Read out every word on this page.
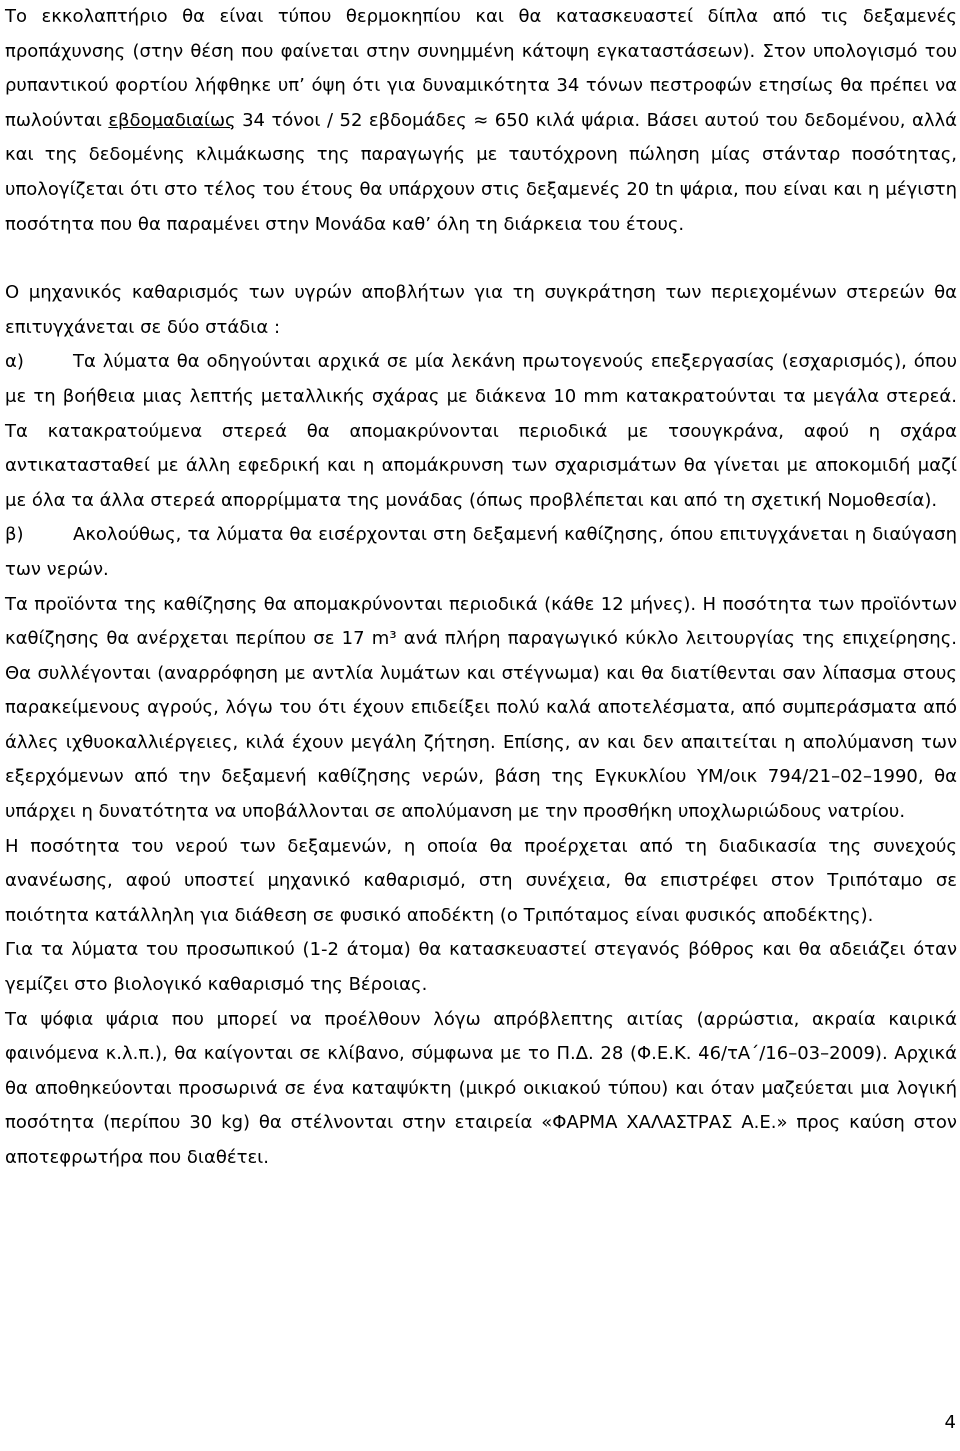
Το εκκολαπτήριο θα είναι τύπου θερμοκηπίου και θα κατασκευαστεί δίπλα από τις δεξαμενές προπάχυνσης (στην θέση που φαίνεται στην συνημμένη κάτοψη εγκαταστάσεων). Στον υπολογισμό του ρυπαντικού φορτίου λήφθηκε υπ’ όψη ότι για δυναμικότητα 34 τόνων πεστροφών ετησίως θα πρέπει να πωλούνται εβδομαδιαίως 34 τόνοι / 52 εβδομάδες ≈ 650 κιλά ψάρια. Βάσει αυτού του δεδομένου, αλλά και της δεδομένης κλιμάκωσης της παραγωγής με ταυτόχρονη πώληση μίας στάνταρ ποσότητας, υπολογίζεται ότι στο τέλος του έτους θα υπάρχουν στις δεξαμενές 20 tn ψάρια, που είναι και η μέγιστη ποσότητα που θα παραμένει στην Μονάδα καθ’ όλη τη διάρκεια του έτους.

Ο μηχανικός καθαρισμός των υγρών αποβλήτων για τη συγκράτηση των περιεχομένων στερεών θα επιτυγχάνεται σε δύο στάδια :

α)	Τα λύματα θα οδηγούνται αρχικά σε μία λεκάνη πρωτογενούς επεξεργασίας (εσχαρισμός), όπου με τη βοήθεια μιας λεπτής μεταλλικής σχάρας με διάκενα 10 mm κατακρατούνται τα μεγάλα στερεά. Τα κατακρατούμενα στερεά θα απομακρύνονται περιοδικά με τσουγκράνα, αφού η σχάρα αντικατασταθεί με άλλη εφεδρική και η απομάκρυνση των σχαρισμάτων θα γίνεται με αποκομιδή μαζί με όλα τα άλλα στερεά απορρίμματα της μονάδας (όπως προβλέπεται και από τη σχετική Νομοθεσία).

β)	Ακολούθως, τα λύματα θα εισέρχονται στη δεξαμενή καθίζησης, όπου επιτυγχάνεται η διαύγαση των νερών.

Τα προϊόντα της καθίζησης θα απομακρύνονται περιοδικά (κάθε 12 μήνες). Η ποσότητα των προϊόντων καθίζησης θα ανέρχεται περίπου σε 17 m³ ανά πλήρη παραγωγικό κύκλο λειτουργίας της επιχείρησης. Θα συλλέγονται (αναρρόφηση με αντλία λυμάτων και στέγνωμα) και θα διατίθενται σαν λίπασμα στους παρακείμενους αγρούς, λόγω του ότι έχουν επιδείξει πολύ καλά αποτελέσματα, από συμπεράσματα από άλλες ιχθυοκαλλιέργειες, κιλά έχουν μεγάλη ζήτηση. Επίσης, αν και δεν απαιτείται η απολύμανση των εξερχόμενων από την δεξαμενή καθίζησης νερών, βάση της Εγκυκλίου ΥΜ/οικ 794/21–02–1990, θα υπάρχει η δυνατότητα να υποβάλλονται σε απολύμανση με την προσθήκη υποχλωριώδους νατρίου.

Η ποσότητα του νερού των δεξαμενών, η οποία θα προέρχεται από τη διαδικασία της συνεχούς ανανέωσης, αφού υποστεί μηχανικό καθαρισμό, στη συνέχεια, θα επιστρέφει στον Τριπόταμο σε ποιότητα κατάλληλη για διάθεση σε φυσικό αποδέκτη (ο Τριπόταμος είναι φυσικός αποδέκτης).

Για τα λύματα του προσωπικού (1-2 άτομα) θα κατασκευαστεί στεγανός βόθρος και θα αδειάζει όταν γεμίζει στο βιολογικό καθαρισμό της Βέροιας.

Τα ψόφια ψάρια που μπορεί να προέλθουν λόγω απρόβλεπτης αιτίας (αρρώστια, ακραία καιρικά φαινόμενα κ.λ.π.), θα καίγονται σε κλίβανο, σύμφωνα με το Π.Δ. 28 (Φ.Ε.Κ. 46/τΑ΄/16–03–2009). Αρχικά θα αποθηκεύονται προσωρινά σε ένα καταψύκτη (μικρό οικιακού τύπου) και όταν μαζεύεται μια λογική ποσότητα (περίπου 30 kg) θα στέλνονται στην εταιρεία «ΦΑΡΜΑ ΧΑΛΑΣΤΡΑΣ Α.Ε.» προς καύση στον αποτεφρωτήρα που διαθέτει.

4
